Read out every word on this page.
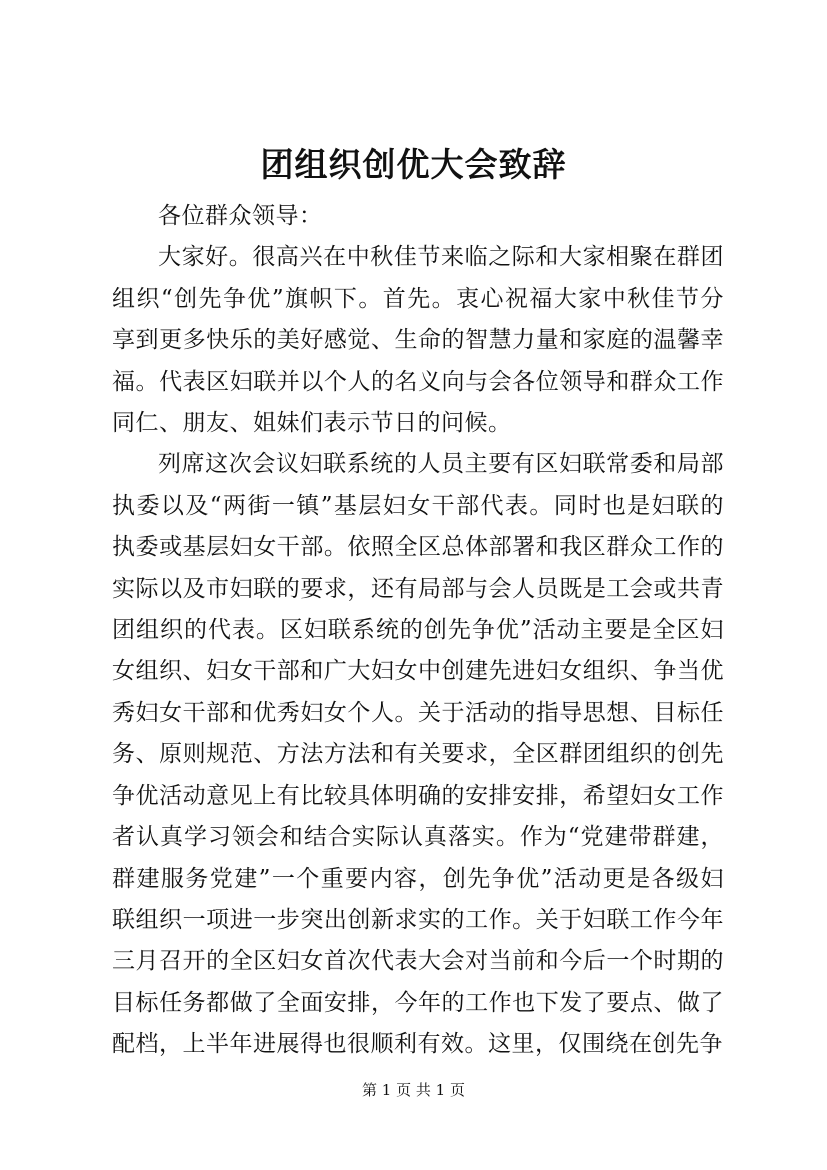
团组织创优大会致辞

各位群众领导：

大家好。很高兴在中秋佳节来临之际和大家相聚在群团组织“创先争优”旗帜下。首先。衷心祝福大家中秋佳节分享到更多快乐的美好感觉、生命的智慧力量和家庭的温馨幸福。代表区妇联并以个人的名义向与会各位领导和群众工作同仁、朋友、姐妹们表示节日的问候。

列席这次会议妇联系统的人员主要有区妇联常委和局部执委以及“两街一镇”基层妇女干部代表。同时也是妇联的执委或基层妇女干部。依照全区总体部署和我区群众工作的实际以及市妇联的要求，还有局部与会人员既是工会或共青团组织的代表。区妇联系统的创先争优”活动主要是全区妇女组织、妇女干部和广大妇女中创建先进妇女组织、争当优秀妇女干部和优秀妇女个人。关于活动的指导思想、目标任务、原则规范、方法方法和有关要求，全区群团组织的创先争优活动意见上有比较具体明确的安排安排，希望妇女工作者认真学习领会和结合实际认真落实。作为“党建带群建，群建服务党建”一个重要内容，创先争优”活动更是各级妇联组织一项进一步突出创新求实的工作。关于妇联工作今年三月召开的全区妇女首次代表大会对当前和今后一个时期的目标任务都做了全面安排，今年的工作也下发了要点、做了配档，上半年进展得也很顺利有效。这里，仅围绕在创先争

第 1 页 共 1 页
